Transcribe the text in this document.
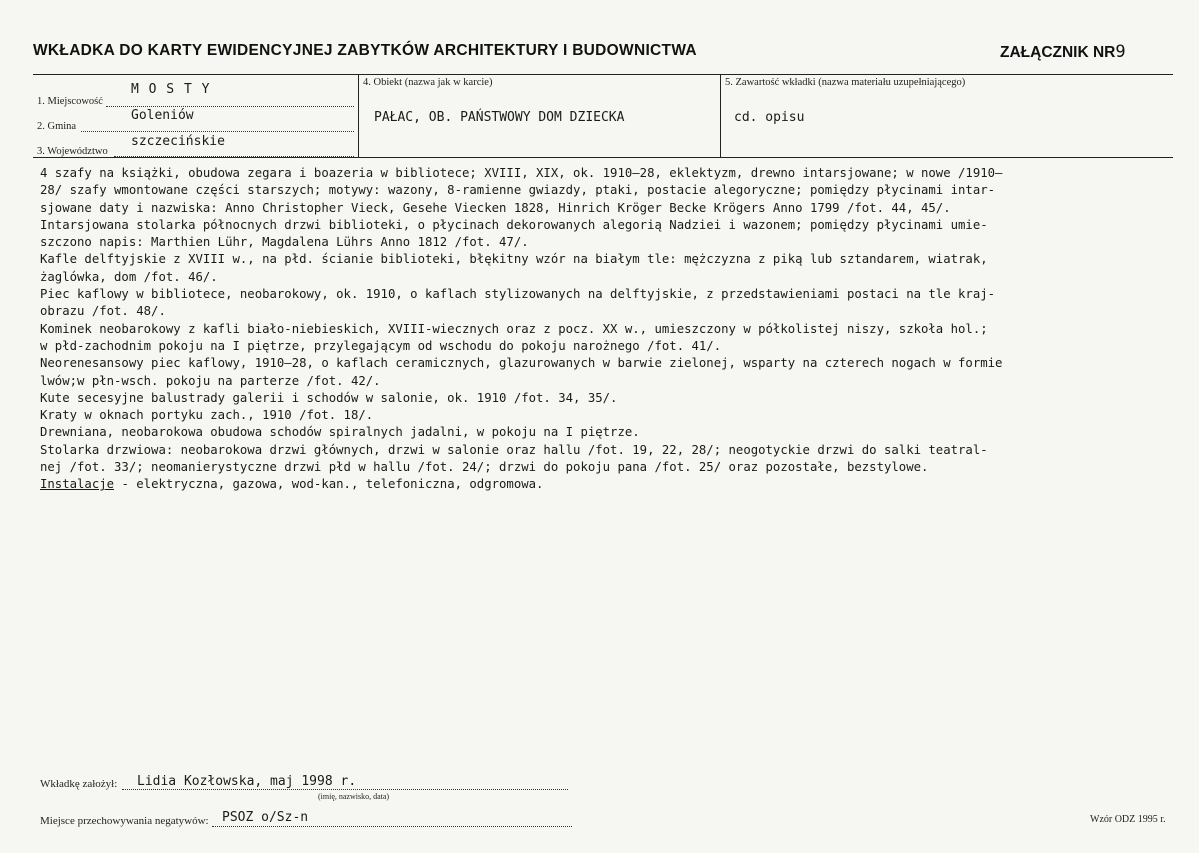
WKŁADKA DO KARTY EWIDENCYJNEJ ZABYTKÓW ARCHITEKTURY I BUDOWNICTWA	ZAŁĄCZNIK NR9
1. Miejscowość
M O S T Y
2. Gmina
Goleniów
3. Województwo
szczecińskie
4. Obiekt (nazwa jak w karcie)
PAŁAC, OB. PAŃSTWOWY DOM DZIECKA
5. Zawartość wkładki (nazwa materiału uzupełniającego)
cd. opisu
4 szafy na książki, obudowa zegara i boazeria w bibliotece; XVIII, XIX, ok. 1910–28, eklektyzm, drewno intarsjowane; w nowe /1910–
28/ szafy wmontowane części starszych; motywy: wazony, 8-ramienne gwiazdy, ptaki, postacie alegoryczne; pomiędzy płycinami intar-
sjowane daty i nazwiska: Anno Christopher Vieck, Gesehe Viecken 1828, Hinrich Kröger Becke Krögers Anno 1799 /fot. 44, 45/.
Intarsjowana stolarka północnych drzwi biblioteki, o płycinach dekorowanych alegorią Nadziei i wazonem; pomiędzy płycinami umie-
szczono napis: Marthien Lühr, Magdalena Lührs Anno 1812 /fot. 47/.
Kafle delftyjskie z XVIII w., na płd. ścianie biblioteki, błękitny wzór na białym tle: mężczyzna z piką lub sztandarem, wiatrak,
żaglówka, dom /fot. 46/.
Piec kaflowy w bibliotece, neobarokowy, ok. 1910, o kaflach stylizowanych na delftyjskie, z przedstawieniami postaci na tle kraj-
obrazu /fot. 48/.
Kominek neobarokowy z kafli biało-niebieskich, XVIII-wiecznych oraz z pocz. XX w., umieszczony w półkolistej niszy, szkoła hol.;
w płd-zachodnim pokoju na I piętrze, przylegającym od wschodu do pokoju narożnego /fot. 41/.
Neorenesansowy piec kaflowy, 1910–28, o kaflach ceramicznych, glazurowanych w barwie zielonej, wsparty na czterech nogach w formie
lwów;w płn-wsch. pokoju na parterze /fot. 42/.
Kute secesyjne balustrady galerii i schodów w salonie, ok. 1910 /fot. 34, 35/.
Kraty w oknach portyku zach., 1910 /fot. 18/.
Drewniana, neobarokowa obudowa schodów spiralnych jadalni, w pokoju na I piętrze.
Stolarka drzwiowa: neobarokowa drzwi głównych, drzwi w salonie oraz hallu /fot. 19, 22, 28/; neogotyckie drzwi do salki teatral-
nej /fot. 33/; neomanierystyczne drzwi płd w hallu /fot. 24/; drzwi do pokoju pana /fot. 25/ oraz pozostałe, bezstylowe.
Instalacje - elektryczna, gazowa, wod-kan., telefoniczna, odgromowa.
Wkładkę założył: Lidia Kozłowska, maj 1998 r.
(imię, nazwisko, data)
Miejsce przechowywania negatywów: PSOZ o/Sz-n	Wzór ODZ 1995 r.
